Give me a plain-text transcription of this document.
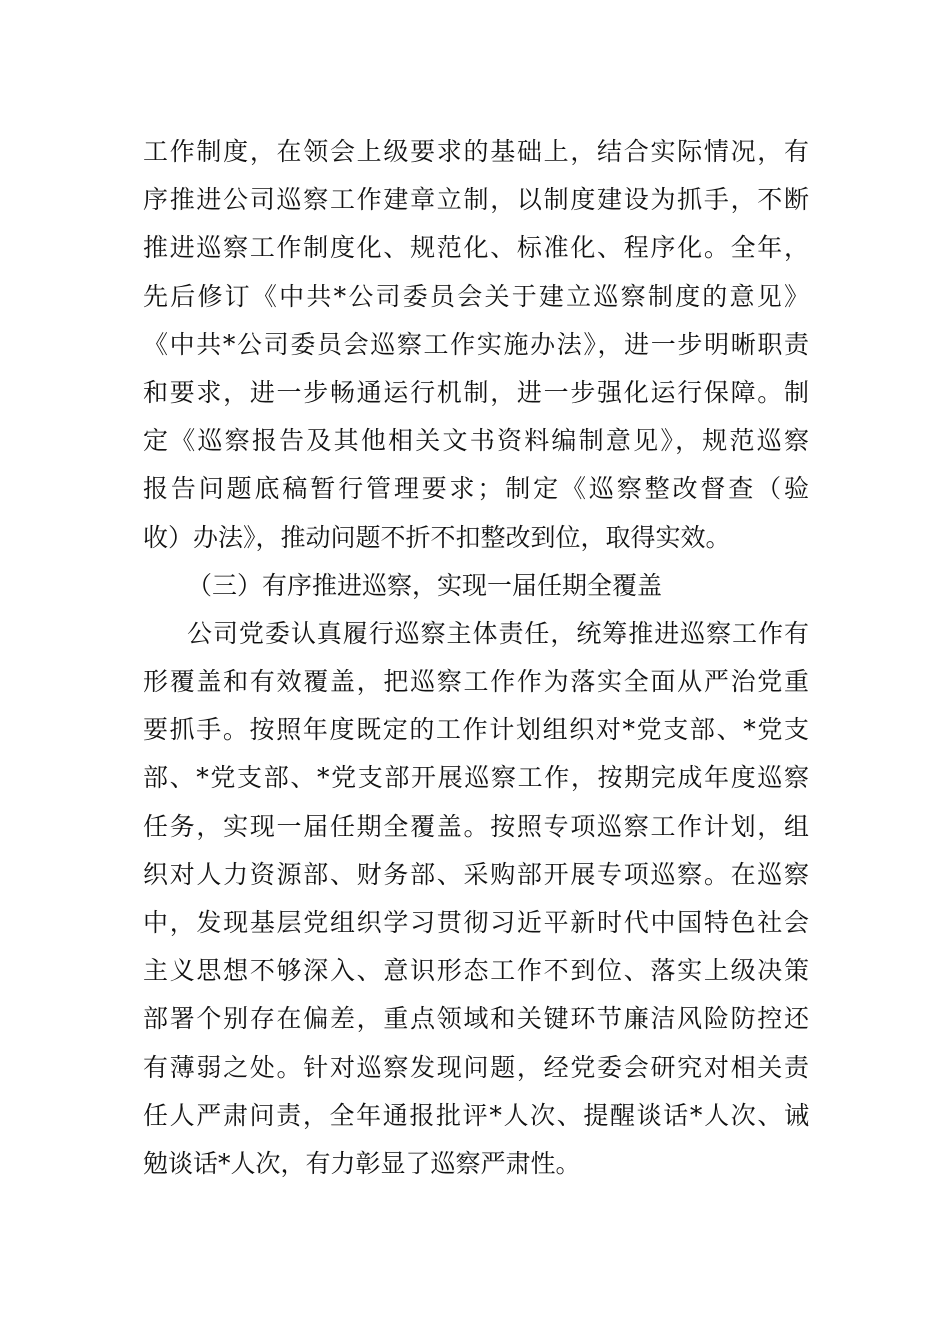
工作制度，在领会上级要求的基础上，结合实际情况，有
序推进公司巡察工作建章立制，以制度建设为抓手，不断
推进巡察工作制度化、规范化、标准化、程序化。全年，
先后修订《中共*公司委员会关于建立巡察制度的意见》
《中共*公司委员会巡察工作实施办法》，进一步明晰职责
和要求，进一步畅通运行机制，进一步强化运行保障。制
定《巡察报告及其他相关文书资料编制意见》，规范巡察
报告问题底稿暂行管理要求；制定《巡察整改督查（验
收）办法》，推动问题不折不扣整改到位，取得实效。
（三）有序推进巡察，实现一届任期全覆盖
公司党委认真履行巡察主体责任，统筹推进巡察工作有
形覆盖和有效覆盖，把巡察工作作为落实全面从严治党重
要抓手。按照年度既定的工作计划组织对*党支部、*党支
部、*党支部、*党支部开展巡察工作，按期完成年度巡察
任务，实现一届任期全覆盖。按照专项巡察工作计划，组
织对人力资源部、财务部、采购部开展专项巡察。在巡察
中，发现基层党组织学习贯彻习近平新时代中国特色社会
主义思想不够深入、意识形态工作不到位、落实上级决策
部署个别存在偏差，重点领域和关键环节廉洁风险防控还
有薄弱之处。针对巡察发现问题，经党委会研究对相关责
任人严肃问责，全年通报批评*人次、提醒谈话*人次、诫
勉谈话*人次，有力彰显了巡察严肃性。
